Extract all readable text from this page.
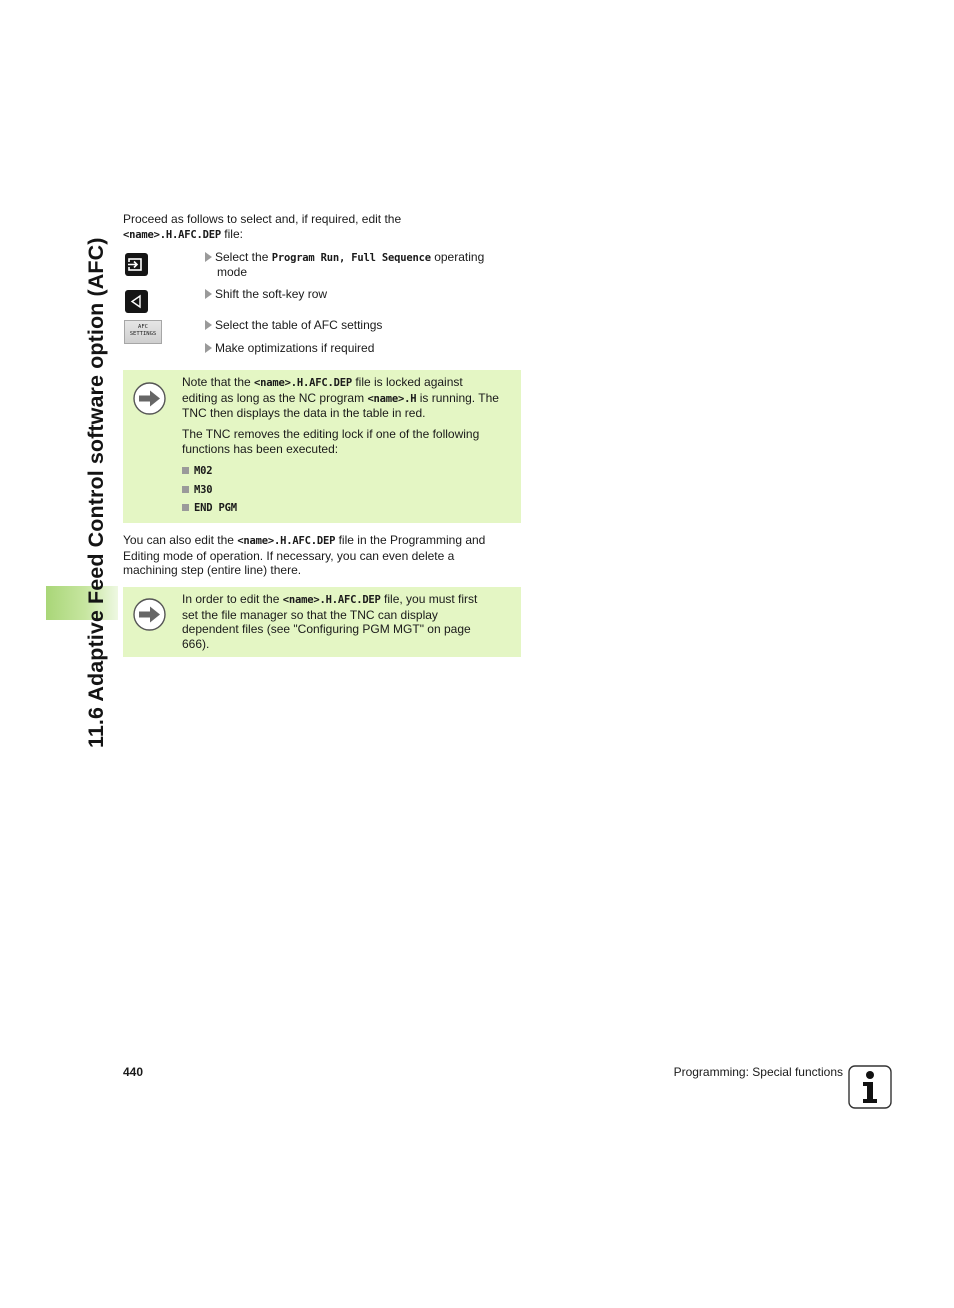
11.6 Adaptive Feed Control software option (AFC)
Proceed as follows to select and, if required, edit the
<name>.H.AFC.DEP file:
AFC
SETTINGS
Select the Program Run, Full Sequence operating
mode
Shift the soft-key row
Select the table of AFC settings
Make optimizations if required
Note that the <name>.H.AFC.DEP file is locked against
editing as long as the NC program <name>.H is running. The
TNC then displays the data in the table in red.
The TNC removes the editing lock if one of the following
functions has been executed:
M02
M30
END PGM
You can also edit the <name>.H.AFC.DEP file in the Programming and
Editing mode of operation. If necessary, you can even delete a
machining step (entire line) there.
In order to edit the <name>.H.AFC.DEP file, you must first
set the file manager so that the TNC can display
dependent files (see "Configuring PGM MGT" on page
666).
440	Programming: Special functions
